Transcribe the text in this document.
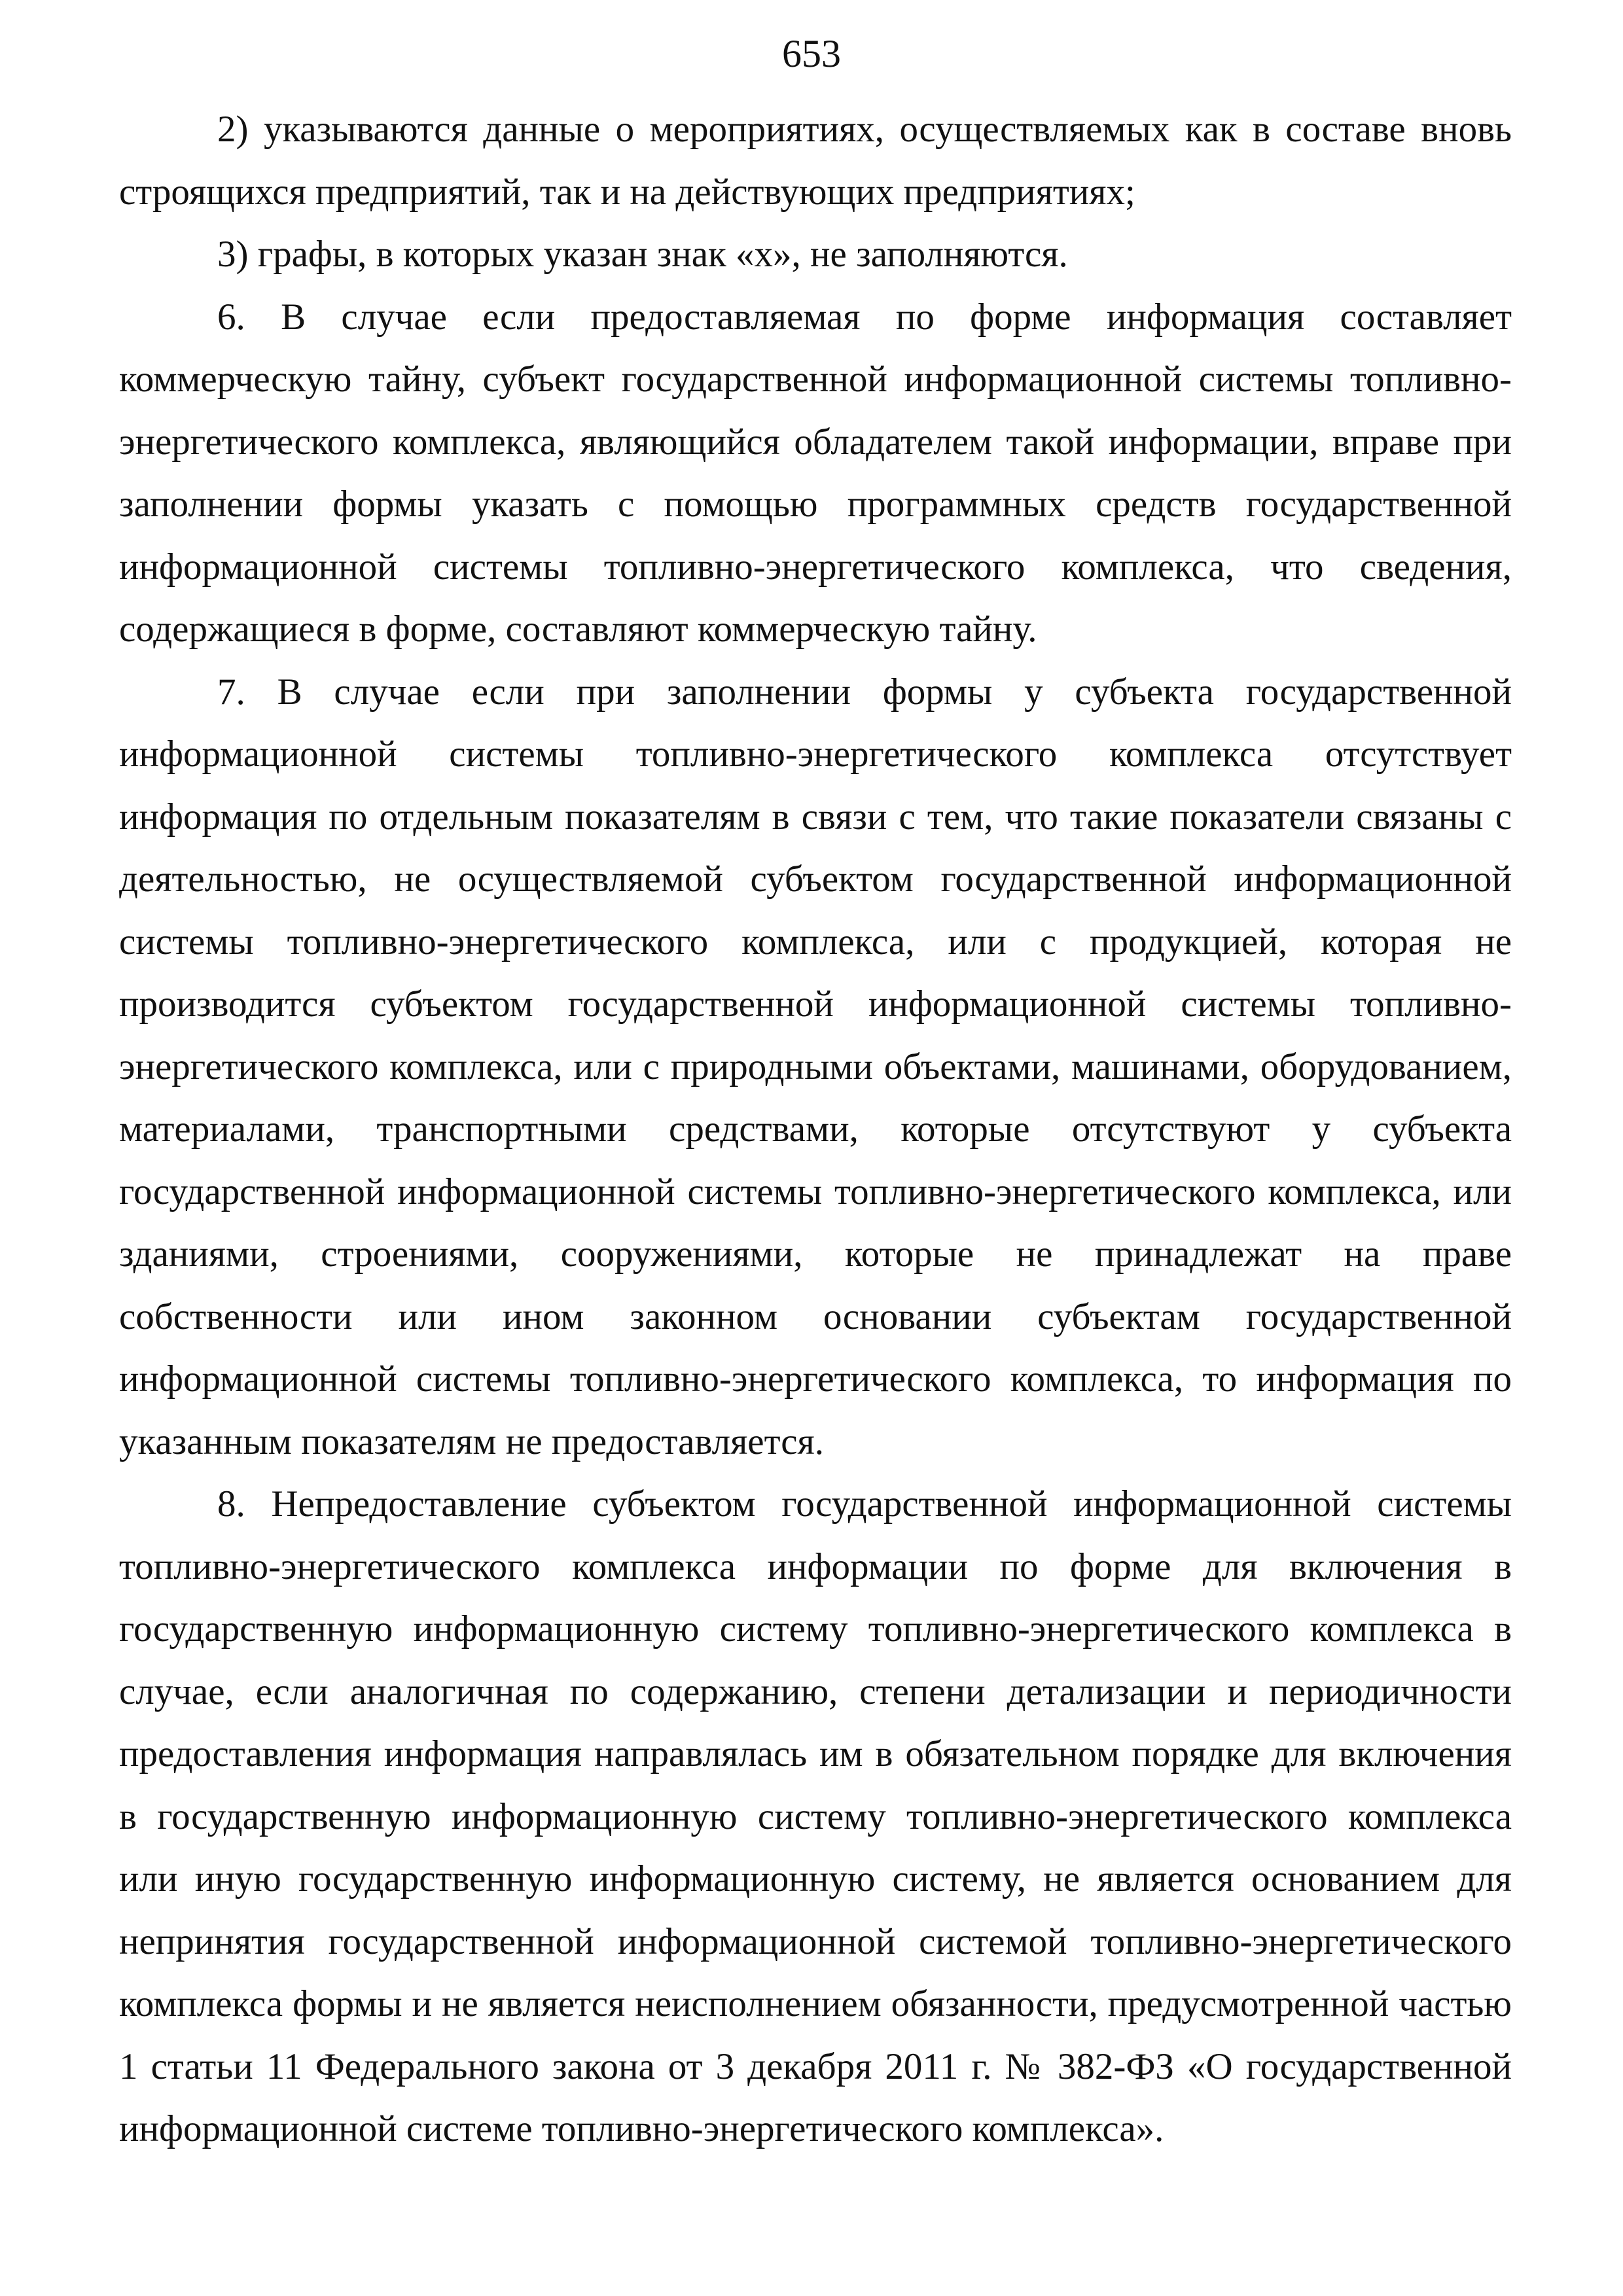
653

2) указываются данные о мероприятиях, осуществляемых как в составе вновь строящихся предприятий, так и на действующих предприятиях;

3) графы, в которых указан знак «х», не заполняются.

6. В случае если предоставляемая по форме информация составляет коммерческую тайну, субъект государственной информационной системы топливно-энергетического комплекса, являющийся обладателем такой информации, вправе при заполнении формы указать с помощью программных средств государственной информационной системы топливно-энергетического комплекса, что сведения, содержащиеся в форме, составляют коммерческую тайну.

7. В случае если при заполнении формы у субъекта государственной информационной системы топливно-энергетического комплекса отсутствует информация по отдельным показателям в связи с тем, что такие показатели связаны с деятельностью, не осуществляемой субъектом государственной информационной системы топливно-энергетического комплекса, или с продукцией, которая не производится субъектом государственной информационной системы топливно-энергетического комплекса, или с природными объектами, машинами, оборудованием, материалами, транспортными средствами, которые отсутствуют у субъекта государственной информационной системы топливно-энергетического комплекса, или зданиями, строениями, сооружениями, которые не принадлежат на праве собственности или ином законном основании субъектам государственной информационной системы топливно-энергетического комплекса, то информация по указанным показателям не предоставляется.

8. Непредоставление субъектом государственной информационной системы топливно-энергетического комплекса информации по форме для включения в государственную информационную систему топливно-энергетического комплекса в случае, если аналогичная по содержанию, степени детализации и периодичности предоставления информация направлялась им в обязательном порядке для включения в государственную информационную систему топливно-энергетического комплекса или иную государственную информационную систему, не является основанием для непринятия государственной информационной системой топливно-энергетического комплекса формы и не является неисполнением обязанности, предусмотренной частью 1 статьи 11 Федерального закона от 3 декабря 2011 г. № 382-ФЗ «О государственной информационной системе топливно-энергетического комплекса».
